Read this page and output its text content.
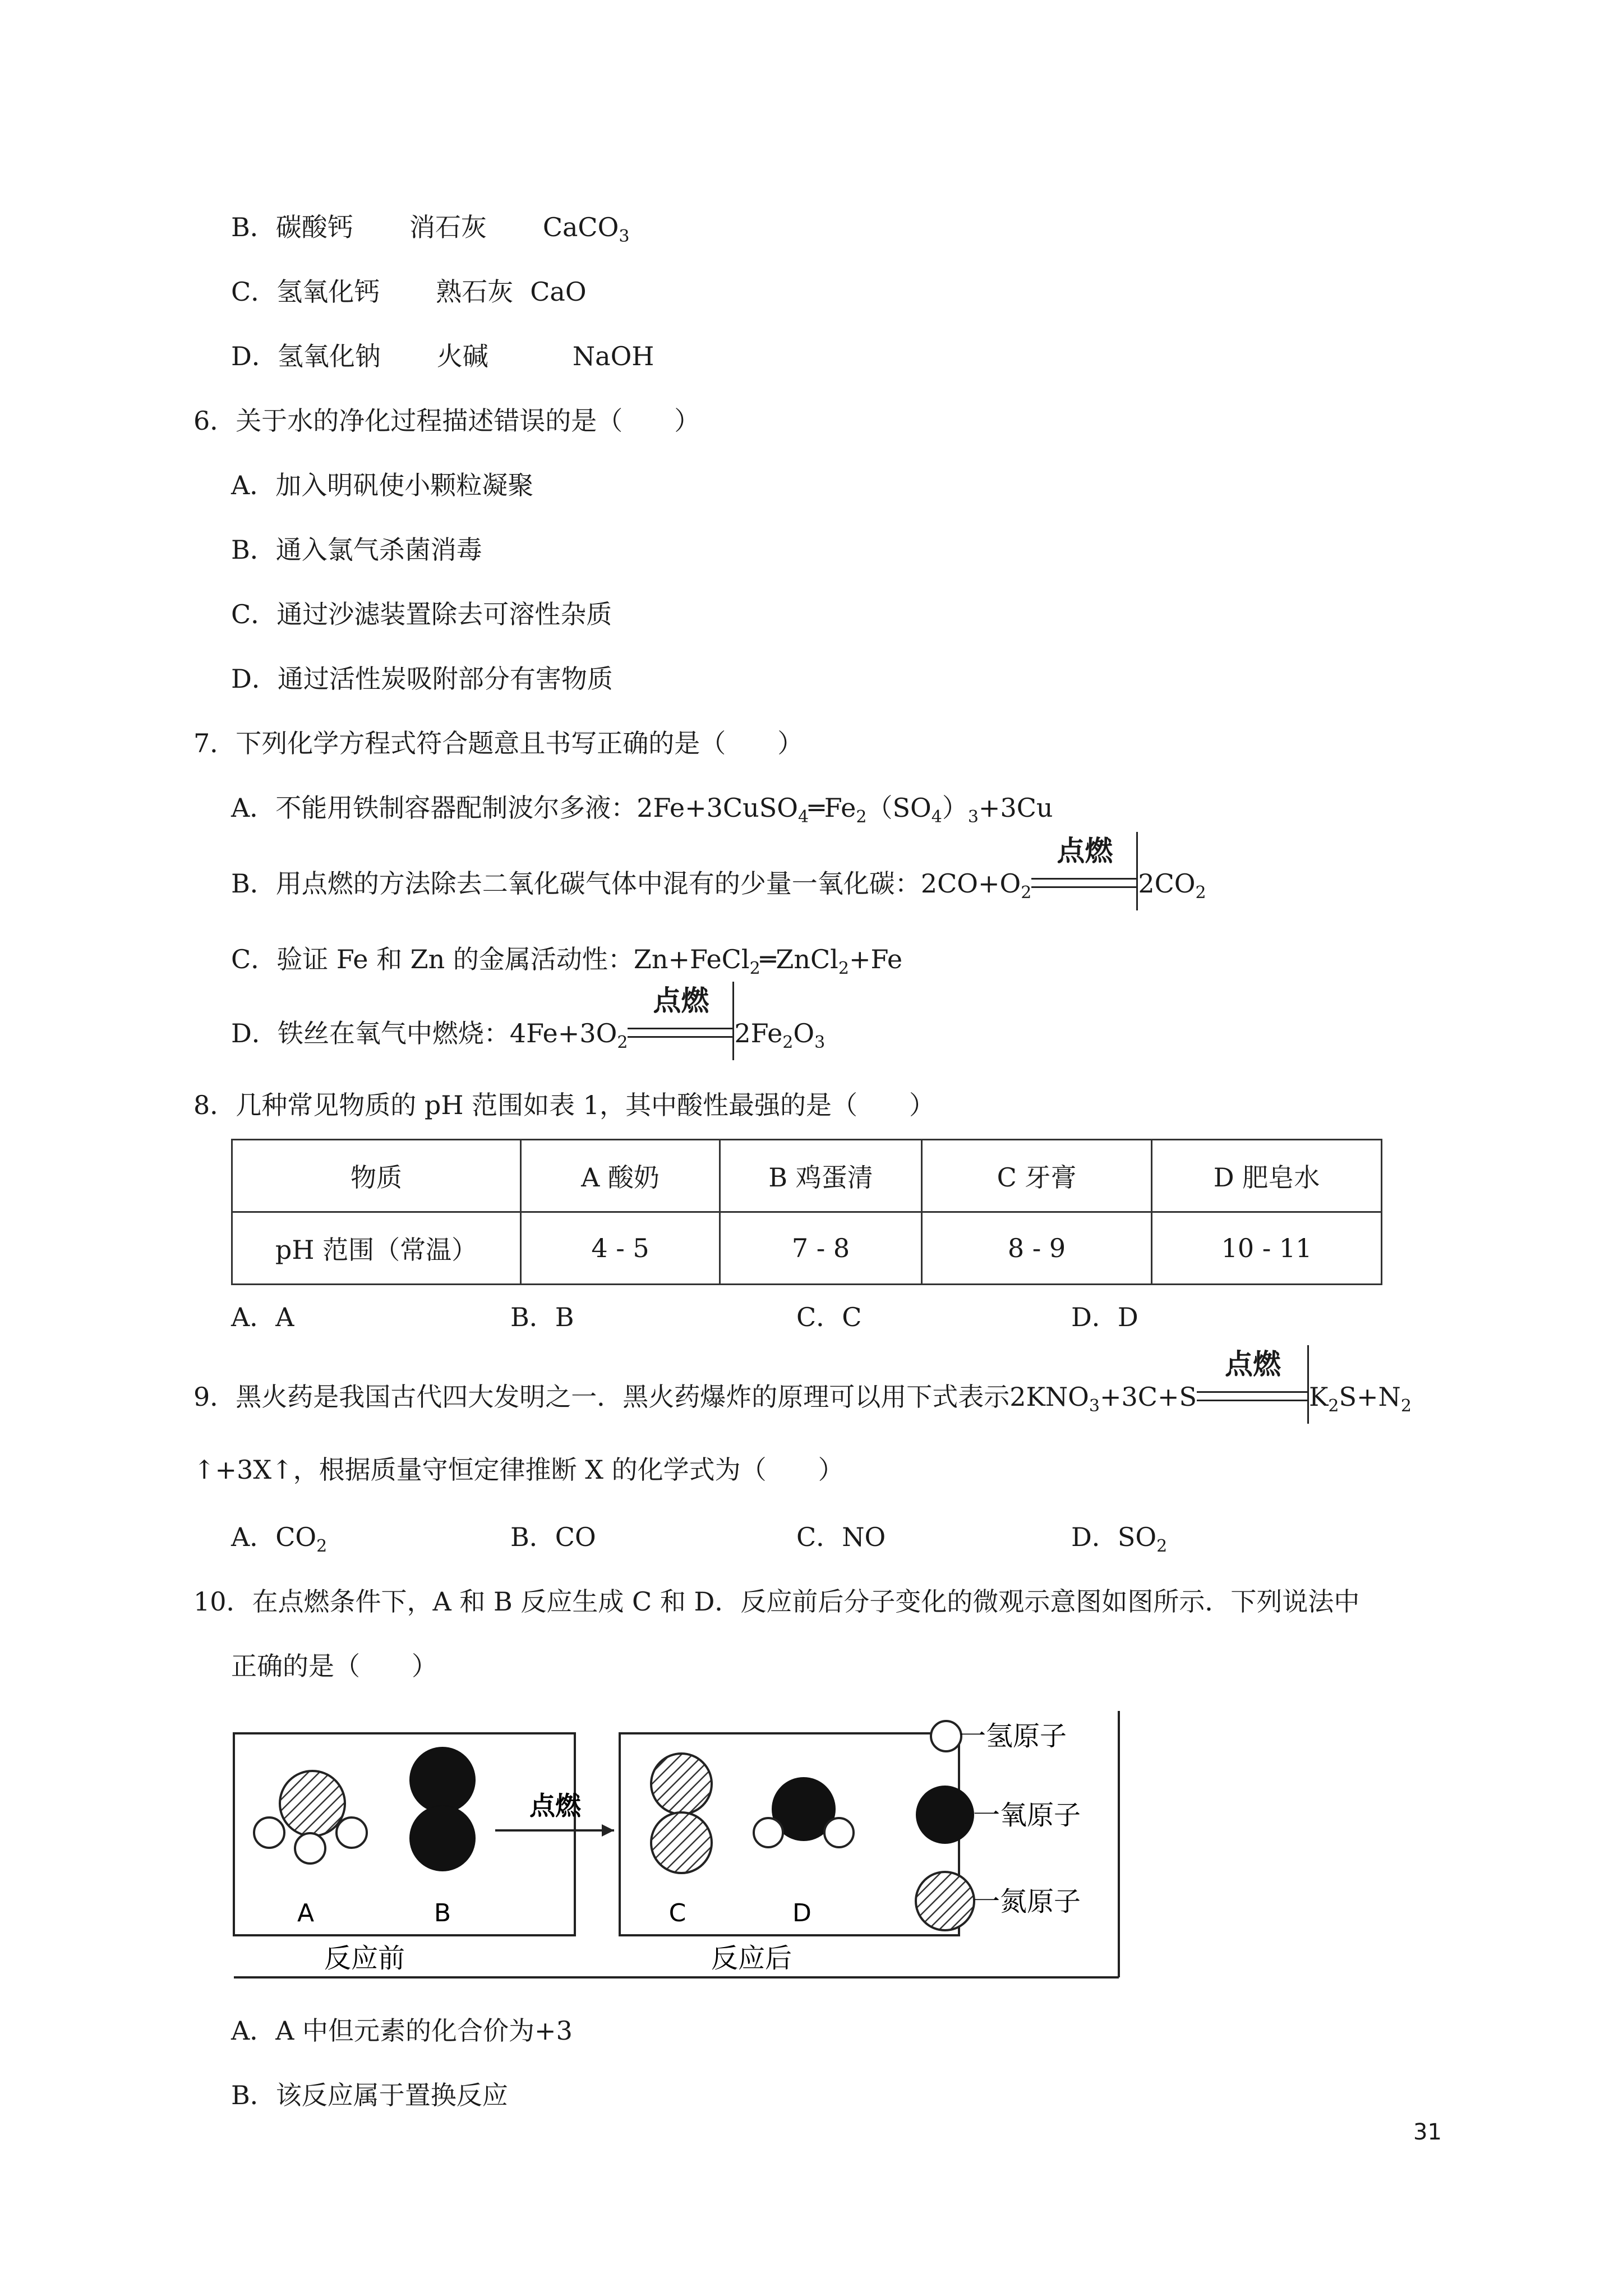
B．碳酸钙 消石灰 CaCO$_3$
C．氢氧化钙 熟石灰 CaO
D．氢氧化钠 火碱	NaOH
6．关于水的净化过程描述错误的是（　　）
A．加入明矾使小颗粒凝聚
B．通入氯气杀菌消毒
C．通过沙滤装置除去可溶性杂质
D．通过活性炭吸附部分有害物质
7．下列化学方程式符合题意且书写正确的是（　　）
A．不能用铁制容器配制波尔多液：$2Fe+3CuSO_4═Fe_2(SO_4)_3+3Cu$
B．用点燃的方法除去二氧化碳气体中混有的少量一氧化碳：$2CO+O_2$
点燃
$2CO_2$
C．验证 Fe 和 Zn 的金属活动性：Zn+FeCl$_2$═ZnCl$_2$+Fe
D．铁丝在氧气中燃烧：$4Fe+3O_2$
点燃
$2Fe_2O_3$
8．几种常见物质的 pH 范围如表 1，其中酸性最强的是（　　）
物质	A 酸奶	B 鸡蛋清	C 牙膏	D 肥皂水
pH 范围（常温）	4 - 5	7 - 8	8 - 9	10 - 11
A．A	B．B	C．C	D．D
9．黑火药是我国古代四大发明之一．黑火药爆炸的原理可以用下式表示$2KNO_3+3C+S$
点燃
$K_2S+N_2$
↑+3X↑，根据质量守恒定律推断 X 的化学式为（　　）
A．$CO_2$	B．CO	C．NO	D．$SO_2$
10．在点燃条件下，A 和 B 反应生成 C 和 D．反应前后分子变化的微观示意图如图所示．下列说法中
正确的是（　　）
点燃
A	B	C	D
反应前	反应后
一氢原子
一氧原子
一氮原子
A．A 中但元素的化合价为+3
B．该反应属于置换反应
31
